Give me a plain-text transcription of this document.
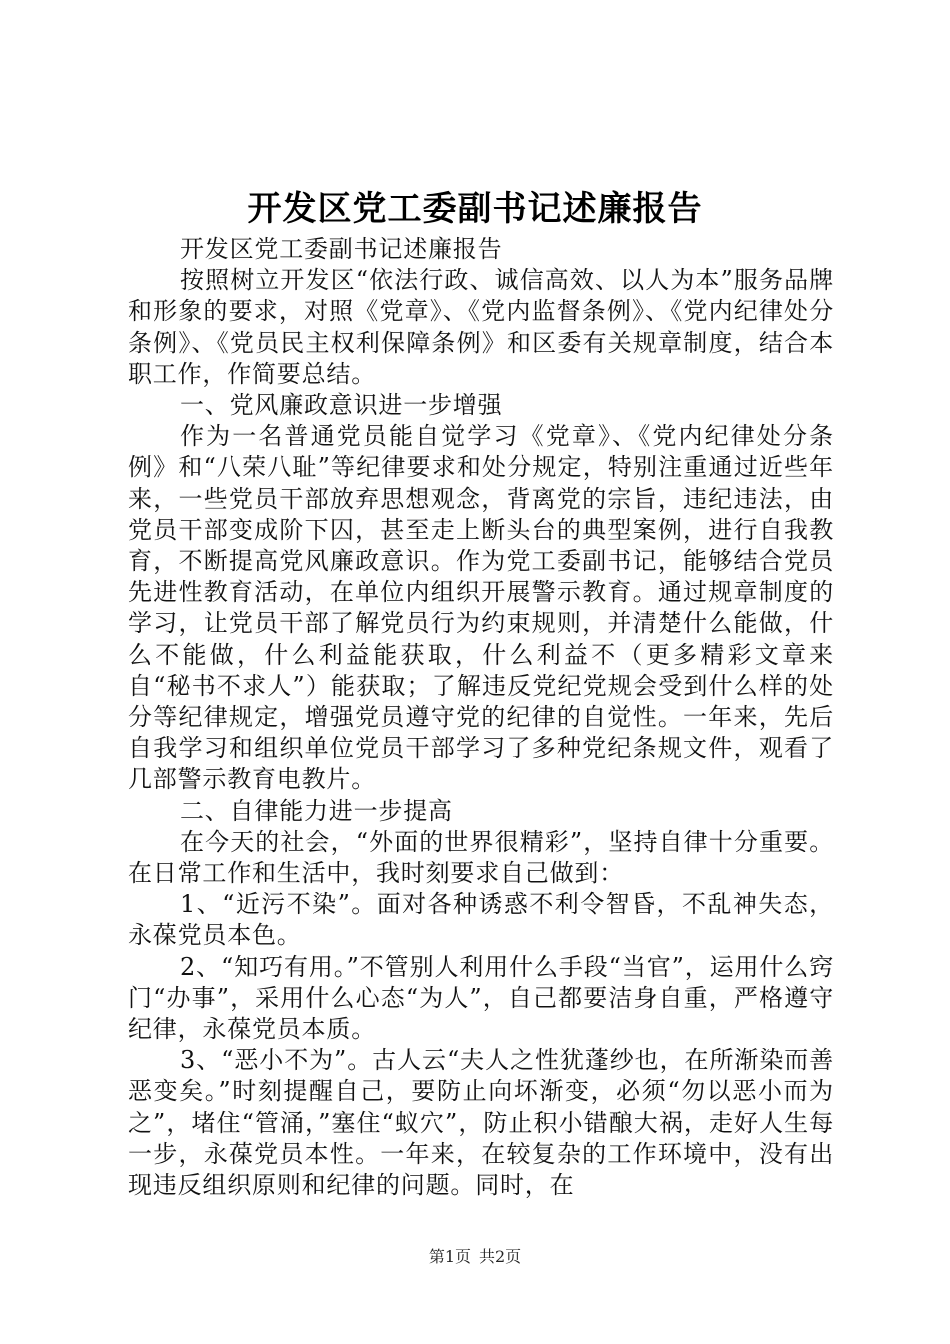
开发区党工委副书记述廉报告

开发区党工委副书记述廉报告

按照树立开发区“依法行政、诚信高效、以人为本”服务品牌和形象的要求，对照《党章》、《党内监督条例》、《党内纪律处分条例》、《党员民主权利保障条例》和区委有关规章制度，结合本职工作，作简要总结。

一、党风廉政意识进一步增强

作为一名普通党员能自觉学习《党章》、《党内纪律处分条例》和“八荣八耻”等纪律要求和处分规定，特别注重通过近些年来，一些党员干部放弃思想观念，背离党的宗旨，违纪违法，由党员干部变成阶下囚，甚至走上断头台的典型案例，进行自我教育，不断提高党风廉政意识。作为党工委副书记，能够结合党员先进性教育活动，在单位内组织开展警示教育。通过规章制度的学习，让党员干部了解党员行为约束规则，并清楚什么能做，什么不能做，什么利益能获取，什么利益不（更多精彩文章来自“秘书不求人”）能获取；了解违反党纪党规会受到什么样的处分等纪律规定，增强党员遵守党的纪律的自觉性。一年来，先后自我学习和组织单位党员干部学习了多种党纪条规文件，观看了几部警示教育电教片。

二、自律能力进一步提高

在今天的社会，“外面的世界很精彩”，坚持自律十分重要。在日常工作和生活中，我时刻要求自己做到：

1、“近污不染”。面对各种诱惑不利令智昏，不乱神失态，永葆党员本色。

2、“知巧有用。”不管别人利用什么手段“当官”，运用什么窍门“办事”，采用什么心态“为人”，自己都要洁身自重，严格遵守纪律，永葆党员本质。

3、“恶小不为”。古人云“夫人之性犹蓬纱也，在所渐染而善恶变矣。”时刻提醒自己，要防止向坏渐变，必须“勿以恶小而为之”，堵住“管涌，”塞住“蚁穴”，防止积小错酿大祸，走好人生每一步，永葆党员本性。一年来，在较复杂的工作环境中，没有出现违反组织原则和纪律的问题。同时，在

第1页 共2页
